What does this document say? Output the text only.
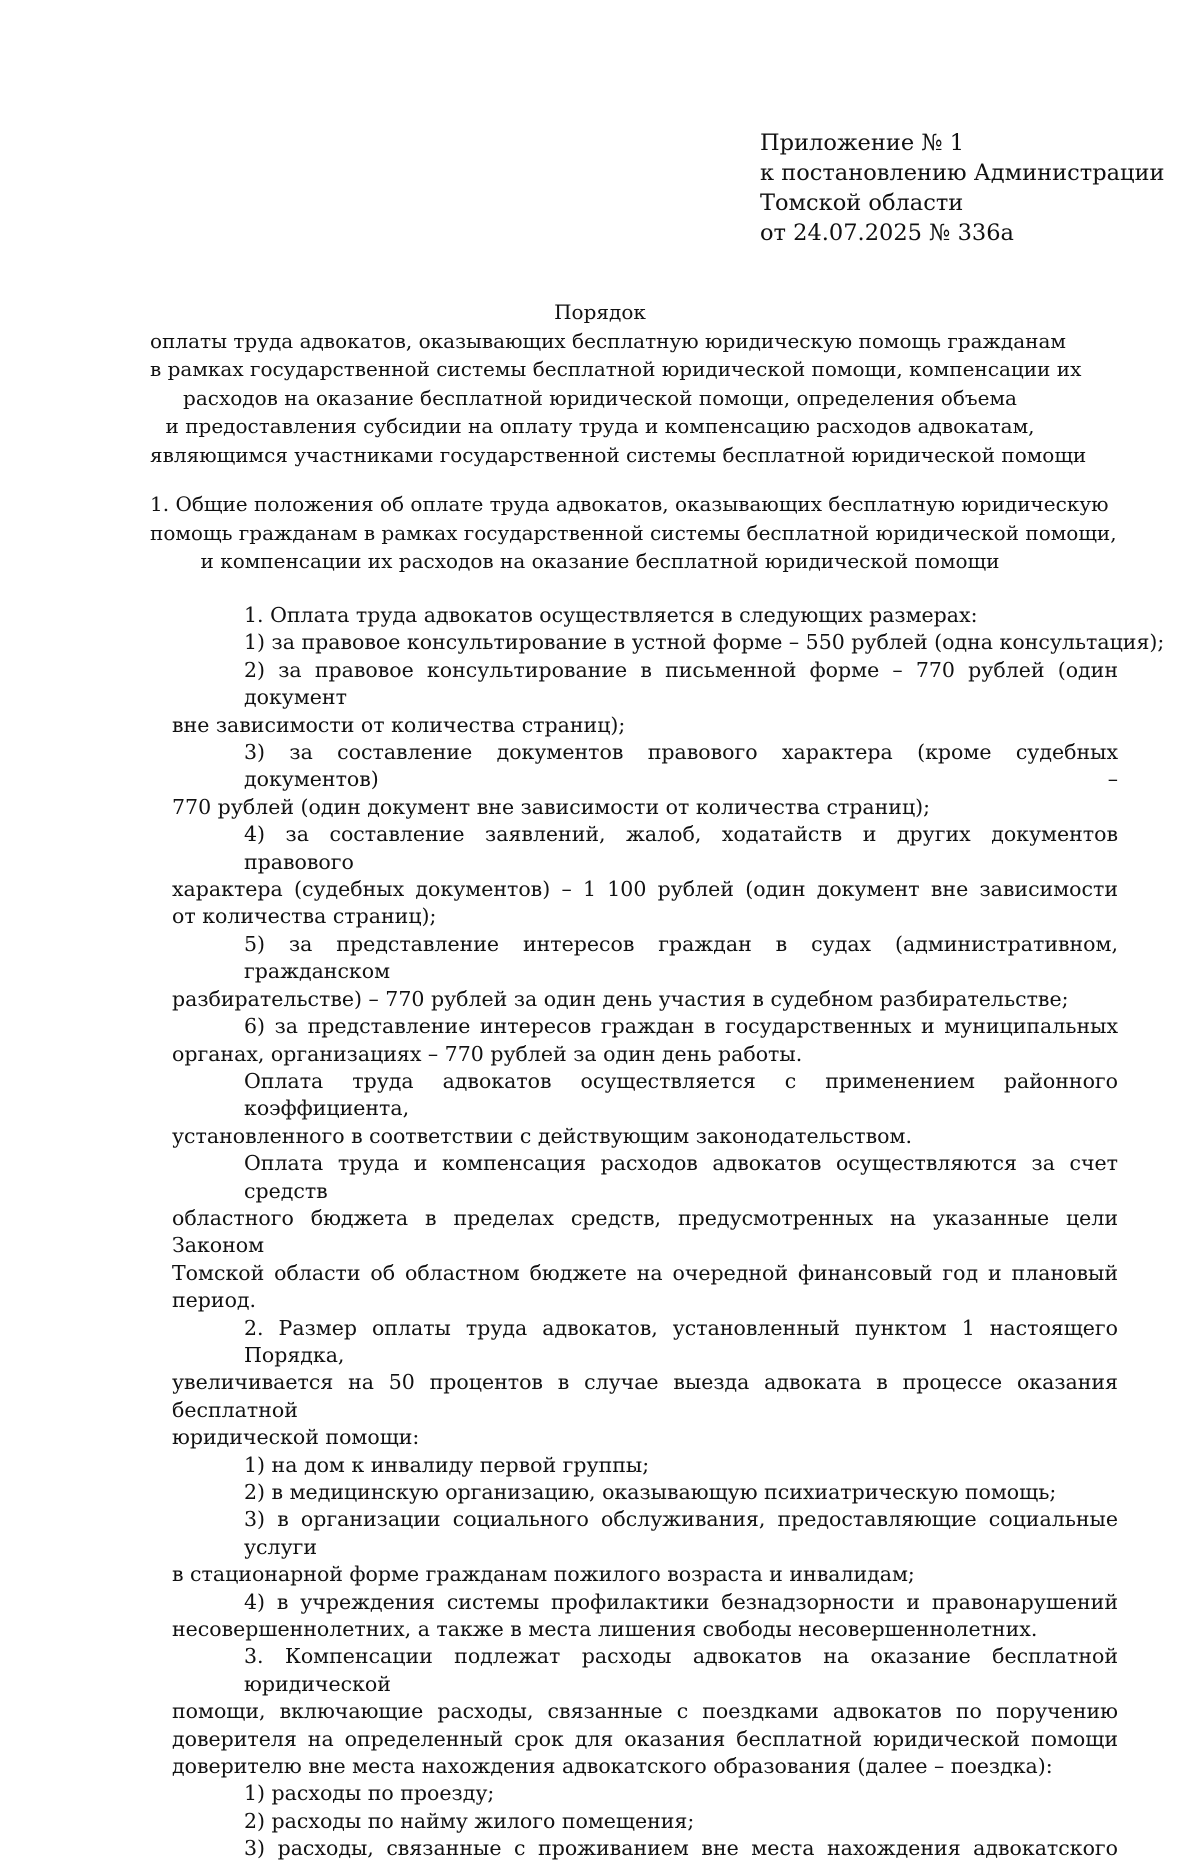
Приложение № 1
к постановлению Администрации
Томской области
от 24.07.2025 № 336а
Порядок
оплаты труда адвокатов, оказывающих бесплатную юридическую помощь гражданам
в рамках государственной системы бесплатной юридической помощи, компенсации их
расходов на оказание бесплатной юридической помощи, определения объема
и предоставления субсидии на оплату труда и компенсацию расходов адвокатам,
являющимся участниками государственной системы бесплатной юридической помощи
1. Общие положения об оплате труда адвокатов, оказывающих бесплатную юридическую
помощь гражданам в рамках государственной системы бесплатной юридической помощи,
и компенсации их расходов на оказание бесплатной юридической помощи
1. Оплата труда адвокатов осуществляется в следующих размерах:
1) за правовое консультирование в устной форме – 550 рублей (одна консультация);
2) за правовое консультирование в письменной форме – 770 рублей (один документ
вне зависимости от количества страниц);
3) за составление документов правового характера (кроме судебных документов) –
770 рублей (один документ вне зависимости от количества страниц);
4) за составление заявлений, жалоб, ходатайств и других документов правового
характера (судебных документов) – 1 100 рублей (один документ вне зависимости
от количества страниц);
5) за представление интересов граждан в судах (административном, гражданском
разбирательстве) – 770 рублей за один день участия в судебном разбирательстве;
6) за представление интересов граждан в государственных и муниципальных
органах, организациях – 770 рублей за один день работы.
Оплата труда адвокатов осуществляется с применением районного коэффициента,
установленного в соответствии с действующим законодательством.
Оплата труда и компенсация расходов адвокатов осуществляются за счет средств
областного бюджета в пределах средств, предусмотренных на указанные цели Законом
Томской области об областном бюджете на очередной финансовый год и плановый
период.
2. Размер оплаты труда адвокатов, установленный пунктом 1 настоящего Порядка,
увеличивается на 50 процентов в случае выезда адвоката в процессе оказания бесплатной
юридической помощи:
1) на дом к инвалиду первой группы;
2) в медицинскую организацию, оказывающую психиатрическую помощь;
3) в организации социального обслуживания, предоставляющие социальные услуги
в стационарной форме гражданам пожилого возраста и инвалидам;
4) в учреждения системы профилактики безнадзорности и правонарушений
несовершеннолетних, а также в места лишения свободы несовершеннолетних.
3. Компенсации подлежат расходы адвокатов на оказание бесплатной юридической
помощи, включающие расходы, связанные с поездками адвокатов по поручению
доверителя на определенный срок для оказания бесплатной юридической помощи
доверителю вне места нахождения адвокатского образования (далее – поездка):
1) расходы по проезду;
2) расходы по найму жилого помещения;
3) расходы, связанные с проживанием вне места нахождения адвокатского
